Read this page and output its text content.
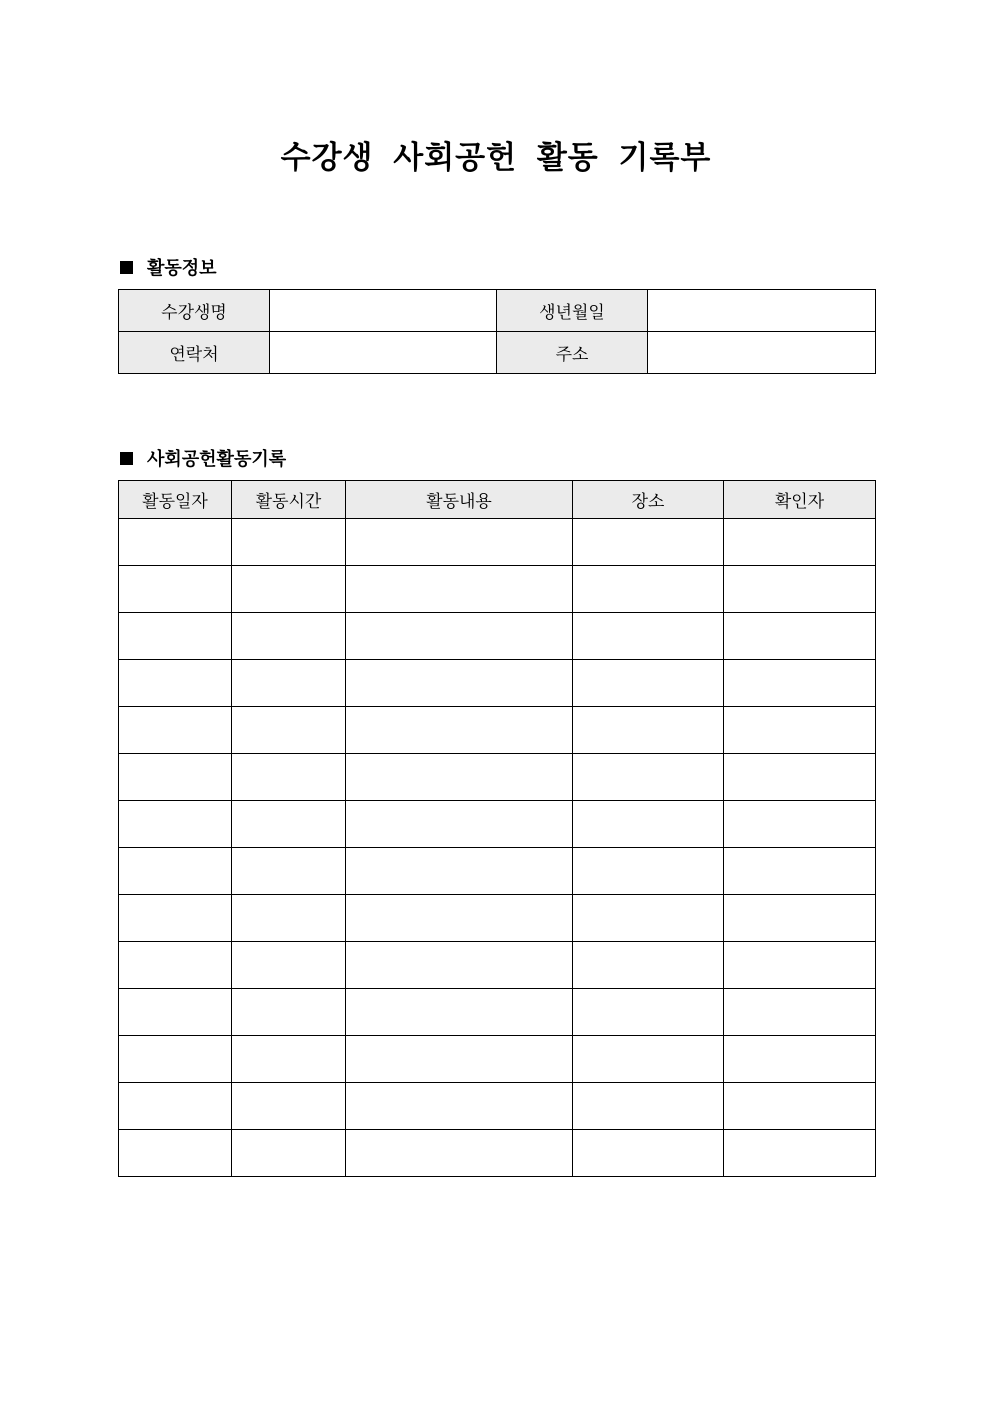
수강생 사회공헌 활동 기록부
활동정보
수강생명		생년월일	
연락처		주소	
사회공헌활동기록
활동일자	활동시간	활동내용	장소	확인자
